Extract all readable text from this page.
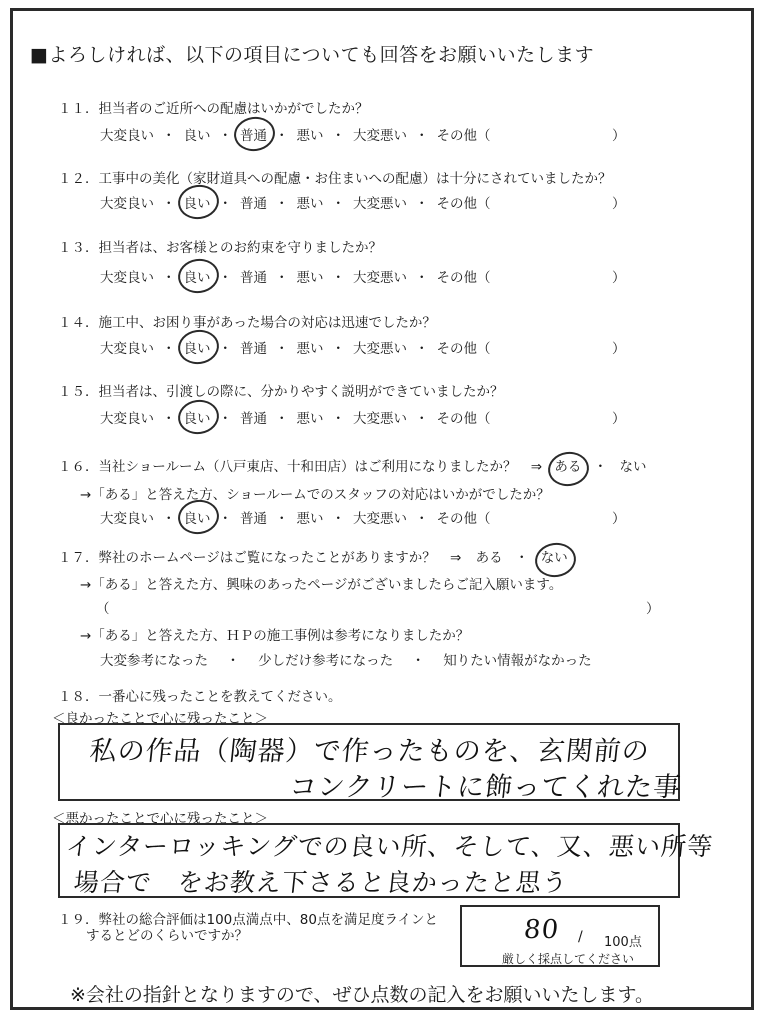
■よろしければ、以下の項目についても回答をお願いいたします
１１．担当者のご近所への配慮はいかがでしたか？
大変良い ・ 良い ・ 普通 ・ 悪い ・ 大変悪い ・ その他（	）
１２．工事中の美化（家財道具への配慮・お住まいへの配慮）は十分にされていましたか？
大変良い ・ 良い ・ 普通 ・ 悪い ・ 大変悪い ・ その他（	）
１３．担当者は、お客様とのお約束を守りましたか？
大変良い ・ 良い ・ 普通 ・ 悪い ・ 大変悪い ・ その他（	）
１４．施工中、お困り事があった場合の対応は迅速でしたか？
大変良い ・ 良い ・ 普通 ・ 悪い ・ 大変悪い ・ その他（	）
１５．担当者は、引渡しの際に、分かりやすく説明ができていましたか？
大変良い ・ 良い ・ 普通 ・ 悪い ・ 大変悪い ・ その他（	）
１６．当社ショールーム（八戸東店、十和田店）はご利用になりましたか？ ⇒ ある ・ ない
→「ある」と答えた方、ショールームでのスタッフの対応はいかがでしたか？
大変良い ・ 良い ・ 普通 ・ 悪い ・ 大変悪い ・ その他（	）
１７．弊社のホームページはご覧になったことがありますか？ ⇒ ある ・ ない
→「ある」と答えた方、興味のあったページがございましたらご記入願います。
（	）
→「ある」と答えた方、ＨＰの施工事例は参考になりましたか？
大変参考になった ・ 少しだけ参考になった ・ 知りたい情報がなかった
１８．一番心に残ったことを教えてください。
＜良かったことで心に残ったこと＞
私の作品（陶器）で作ったものを、玄関前の
コンクリートに飾ってくれた事
＜悪かったことで心に残ったこと＞
インターロッキングでの良い所、そして、又、悪い所等
場合で　をお教え下さると良かったと思う
１９．弊社の総合評価は100点満点中、80点を満足度ラインと
するとどのくらいですか？	80 / 100点
厳しく採点してください
※会社の指針となりますので、ぜひ点数の記入をお願いいたします。
